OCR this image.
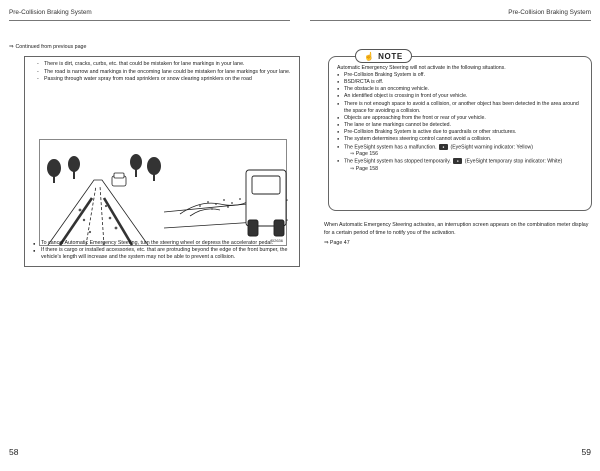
Pre-Collision Braking System
⇒ Continued from previous page
- There is dirt, cracks, curbs, etc. that could be mistaken for lane markings in your lane.
- The road is narrow and markings in the oncoming lane could be mistaken for lane markings for your lane.
- Passing through water spray from road sprinklers or snow clearing sprinklers on the road
SI2636
● To cancel Automatic Emergency Steering, turn the steering wheel or depress the accelerator pedal.
● If there is cargo or installed accessories, etc. that are protruding beyond the edge of the front bumper, the vehicle's length will increase and the system may not be able to prevent a collision.
58
Pre-Collision Braking System
☝ NOTE
Automatic Emergency Steering will not activate in the following situations.
● Pre-Collision Braking System is off.
● BSD/RCTA is off.
● The obstacle is an oncoming vehicle.
● An identified object is crossing in front of your vehicle.
● There is not enough space to avoid a collision, or another object has been detected in the area around the space for avoiding a collision.
● Objects are approaching from the front or rear of your vehicle.
● The lane or lane markings cannot be detected.
● Pre-Collision Braking System is active due to guardrails or other structures.
● The system determines steering control cannot avoid a collision.
● The EyeSight system has a malfunction. ● (EyeSight warning indicator: Yellow)
⇒ Page 156
● The EyeSight system has stopped temporarily. ● (EyeSight temporary stop indicator: White)
⇒ Page 158
When Automatic Emergency Steering activates, an interruption screen appears on the combination meter display for a certain period of time to notify you of the activation.
⇒ Page 47
59
